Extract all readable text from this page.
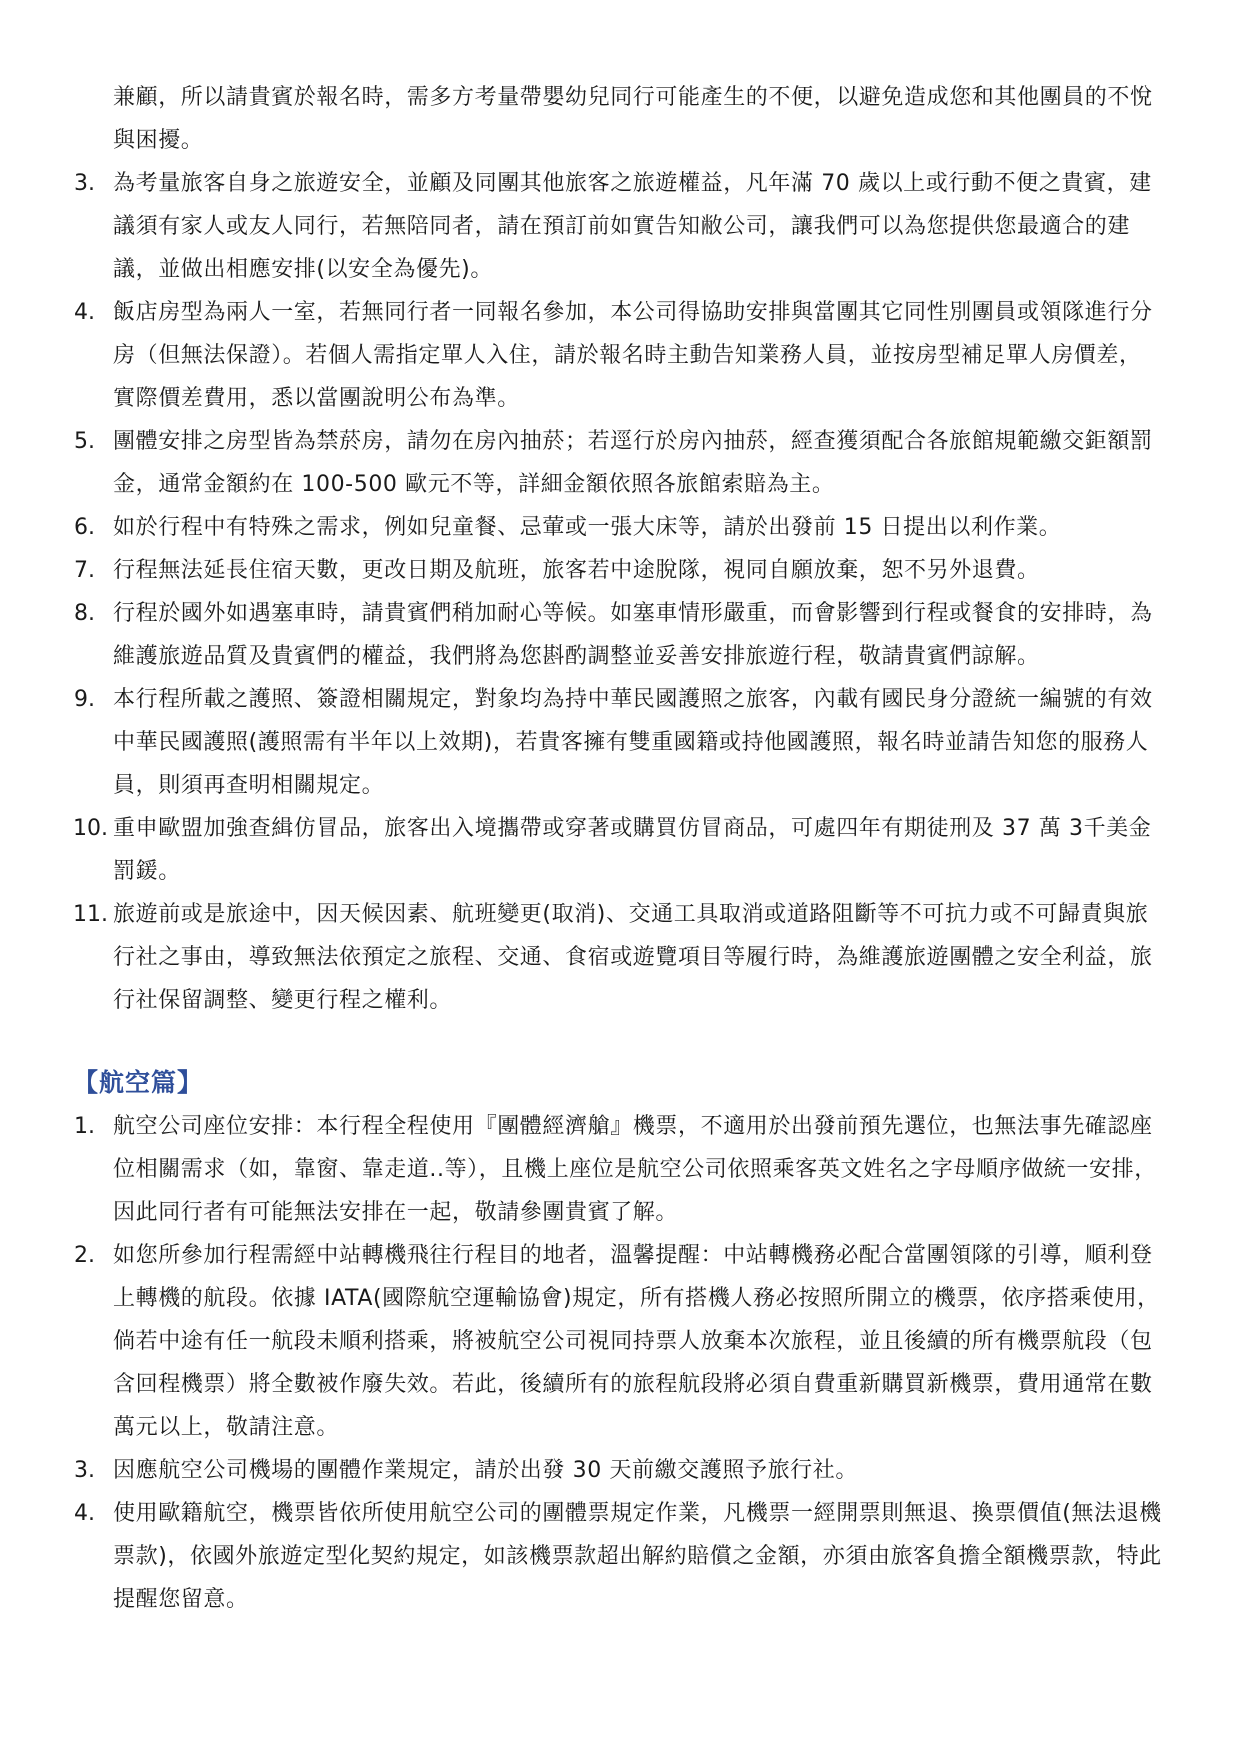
兼顧，所以請貴賓於報名時，需多方考量帶嬰幼兒同行可能產生的不便，以避免造成您和其他團員的不悅與困擾。

3. 為考量旅客自身之旅遊安全，並顧及同團其他旅客之旅遊權益，凡年滿 70 歲以上或行動不便之貴賓，建議須有家人或友人同行，若無陪同者，請在預訂前如實告知敝公司，讓我們可以為您提供您最適合的建議，並做出相應安排(以安全為優先)。
4. 飯店房型為兩人一室，若無同行者一同報名參加，本公司得協助安排與當團其它同性別團員或領隊進行分房（但無法保證）。若個人需指定單人入住，請於報名時主動告知業務人員，並按房型補足單人房價差，實際價差費用，悉以當團說明公布為準。
5. 團體安排之房型皆為禁菸房，請勿在房內抽菸；若逕行於房內抽菸，經查獲須配合各旅館規範繳交鉅額罰金，通常金額約在 100-500 歐元不等，詳細金額依照各旅館索賠為主。
6. 如於行程中有特殊之需求，例如兒童餐、忌葷或一張大床等，請於出發前 15 日提出以利作業。
7. 行程無法延長住宿天數，更改日期及航班，旅客若中途脫隊，視同自願放棄，恕不另外退費。
8. 行程於國外如遇塞車時，請貴賓們稍加耐心等候。如塞車情形嚴重，而會影響到行程或餐食的安排時，為維護旅遊品質及貴賓們的權益，我們將為您斟酌調整並妥善安排旅遊行程，敬請貴賓們諒解。
9. 本行程所載之護照、簽證相關規定，對象均為持中華民國護照之旅客，內載有國民身分證統一編號的有效中華民國護照(護照需有半年以上效期)，若貴客擁有雙重國籍或持他國護照，報名時並請告知您的服務人員，則須再查明相關規定。
10. 重申歐盟加強查緝仿冒品，旅客出入境攜帶或穿著或購買仿冒商品，可處四年有期徒刑及 37 萬 3千美金罰鍰。
11. 旅遊前或是旅途中，因天候因素、航班變更(取消)、交通工具取消或道路阻斷等不可抗力或不可歸責與旅行社之事由，導致無法依預定之旅程、交通、食宿或遊覽項目等履行時，為維護旅遊團體之安全利益，旅行社保留調整、變更行程之權利。
【航空篇】
1. 航空公司座位安排：本行程全程使用『團體經濟艙』機票，不適用於出發前預先選位，也無法事先確認座位相關需求（如，靠窗、靠走道..等），且機上座位是航空公司依照乘客英文姓名之字母順序做統一安排，因此同行者有可能無法安排在一起，敬請參團貴賓了解。
2. 如您所參加行程需經中站轉機飛往行程目的地者，溫馨提醒：中站轉機務必配合當團領隊的引導，順利登上轉機的航段。依據 IATA(國際航空運輸協會)規定，所有搭機人務必按照所開立的機票，依序搭乘使用，倘若中途有任一航段未順利搭乘，將被航空公司視同持票人放棄本次旅程，並且後續的所有機票航段（包含回程機票）將全數被作廢失效。若此，後續所有的旅程航段將必須自費重新購買新機票，費用通常在數萬元以上，敬請注意。
3. 因應航空公司機場的團體作業規定，請於出發 30 天前繳交護照予旅行社。
4. 使用歐籍航空，機票皆依所使用航空公司的團體票規定作業，凡機票一經開票則無退、換票價值(無法退機票款)，依國外旅遊定型化契約規定，如該機票款超出解約賠償之金額，亦須由旅客負擔全額機票款，特此提醒您留意。
